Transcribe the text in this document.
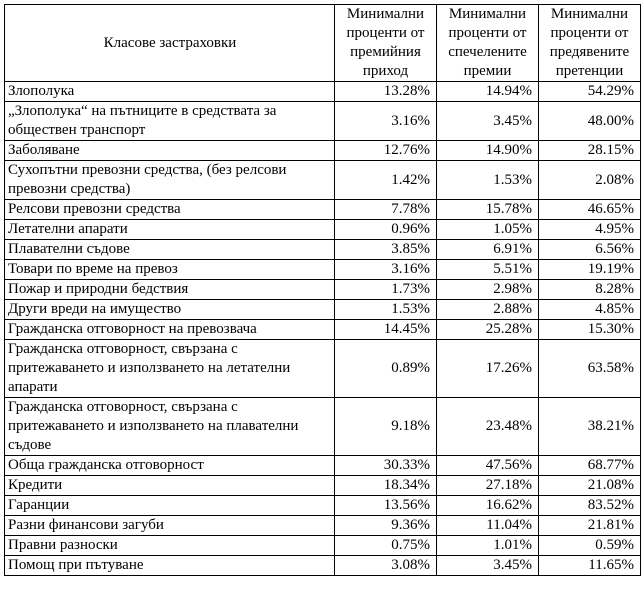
Класове застраховки	Минимални проценти от премийния приход	Минимални проценти от спечелените премии	Минимални проценти от предявените претенции
Злополука	13.28%	14.94%	54.29%
„Злополука“ на пътниците в средствата за обществен транспорт	3.16%	3.45%	48.00%
Заболяване	12.76%	14.90%	28.15%
Сухопътни превозни средства, (без релсови превозни средства)	1.42%	1.53%	2.08%
Релсови превозни средства	7.78%	15.78%	46.65%
Летателни апарати	0.96%	1.05%	4.95%
Плавателни съдове	3.85%	6.91%	6.56%
Товари по време на превоз	3.16%	5.51%	19.19%
Пожар и природни бедствия	1.73%	2.98%	8.28%
Други вреди на имущество	1.53%	2.88%	4.85%
Гражданска отговорност на превозвача	14.45%	25.28%	15.30%
Гражданска отговорност, свързана с притежаването и използването на летателни апарати	0.89%	17.26%	63.58%
Гражданска отговорност, свързана с притежаването и използването на плавателни съдове	9.18%	23.48%	38.21%
Обща гражданска отговорност	30.33%	47.56%	68.77%
Кредити	18.34%	27.18%	21.08%
Гаранции	13.56%	16.62%	83.52%
Разни финансови загуби	9.36%	11.04%	21.81%
Правни разноски	0.75%	1.01%	0.59%
Помощ при пътуване	3.08%	3.45%	11.65%
